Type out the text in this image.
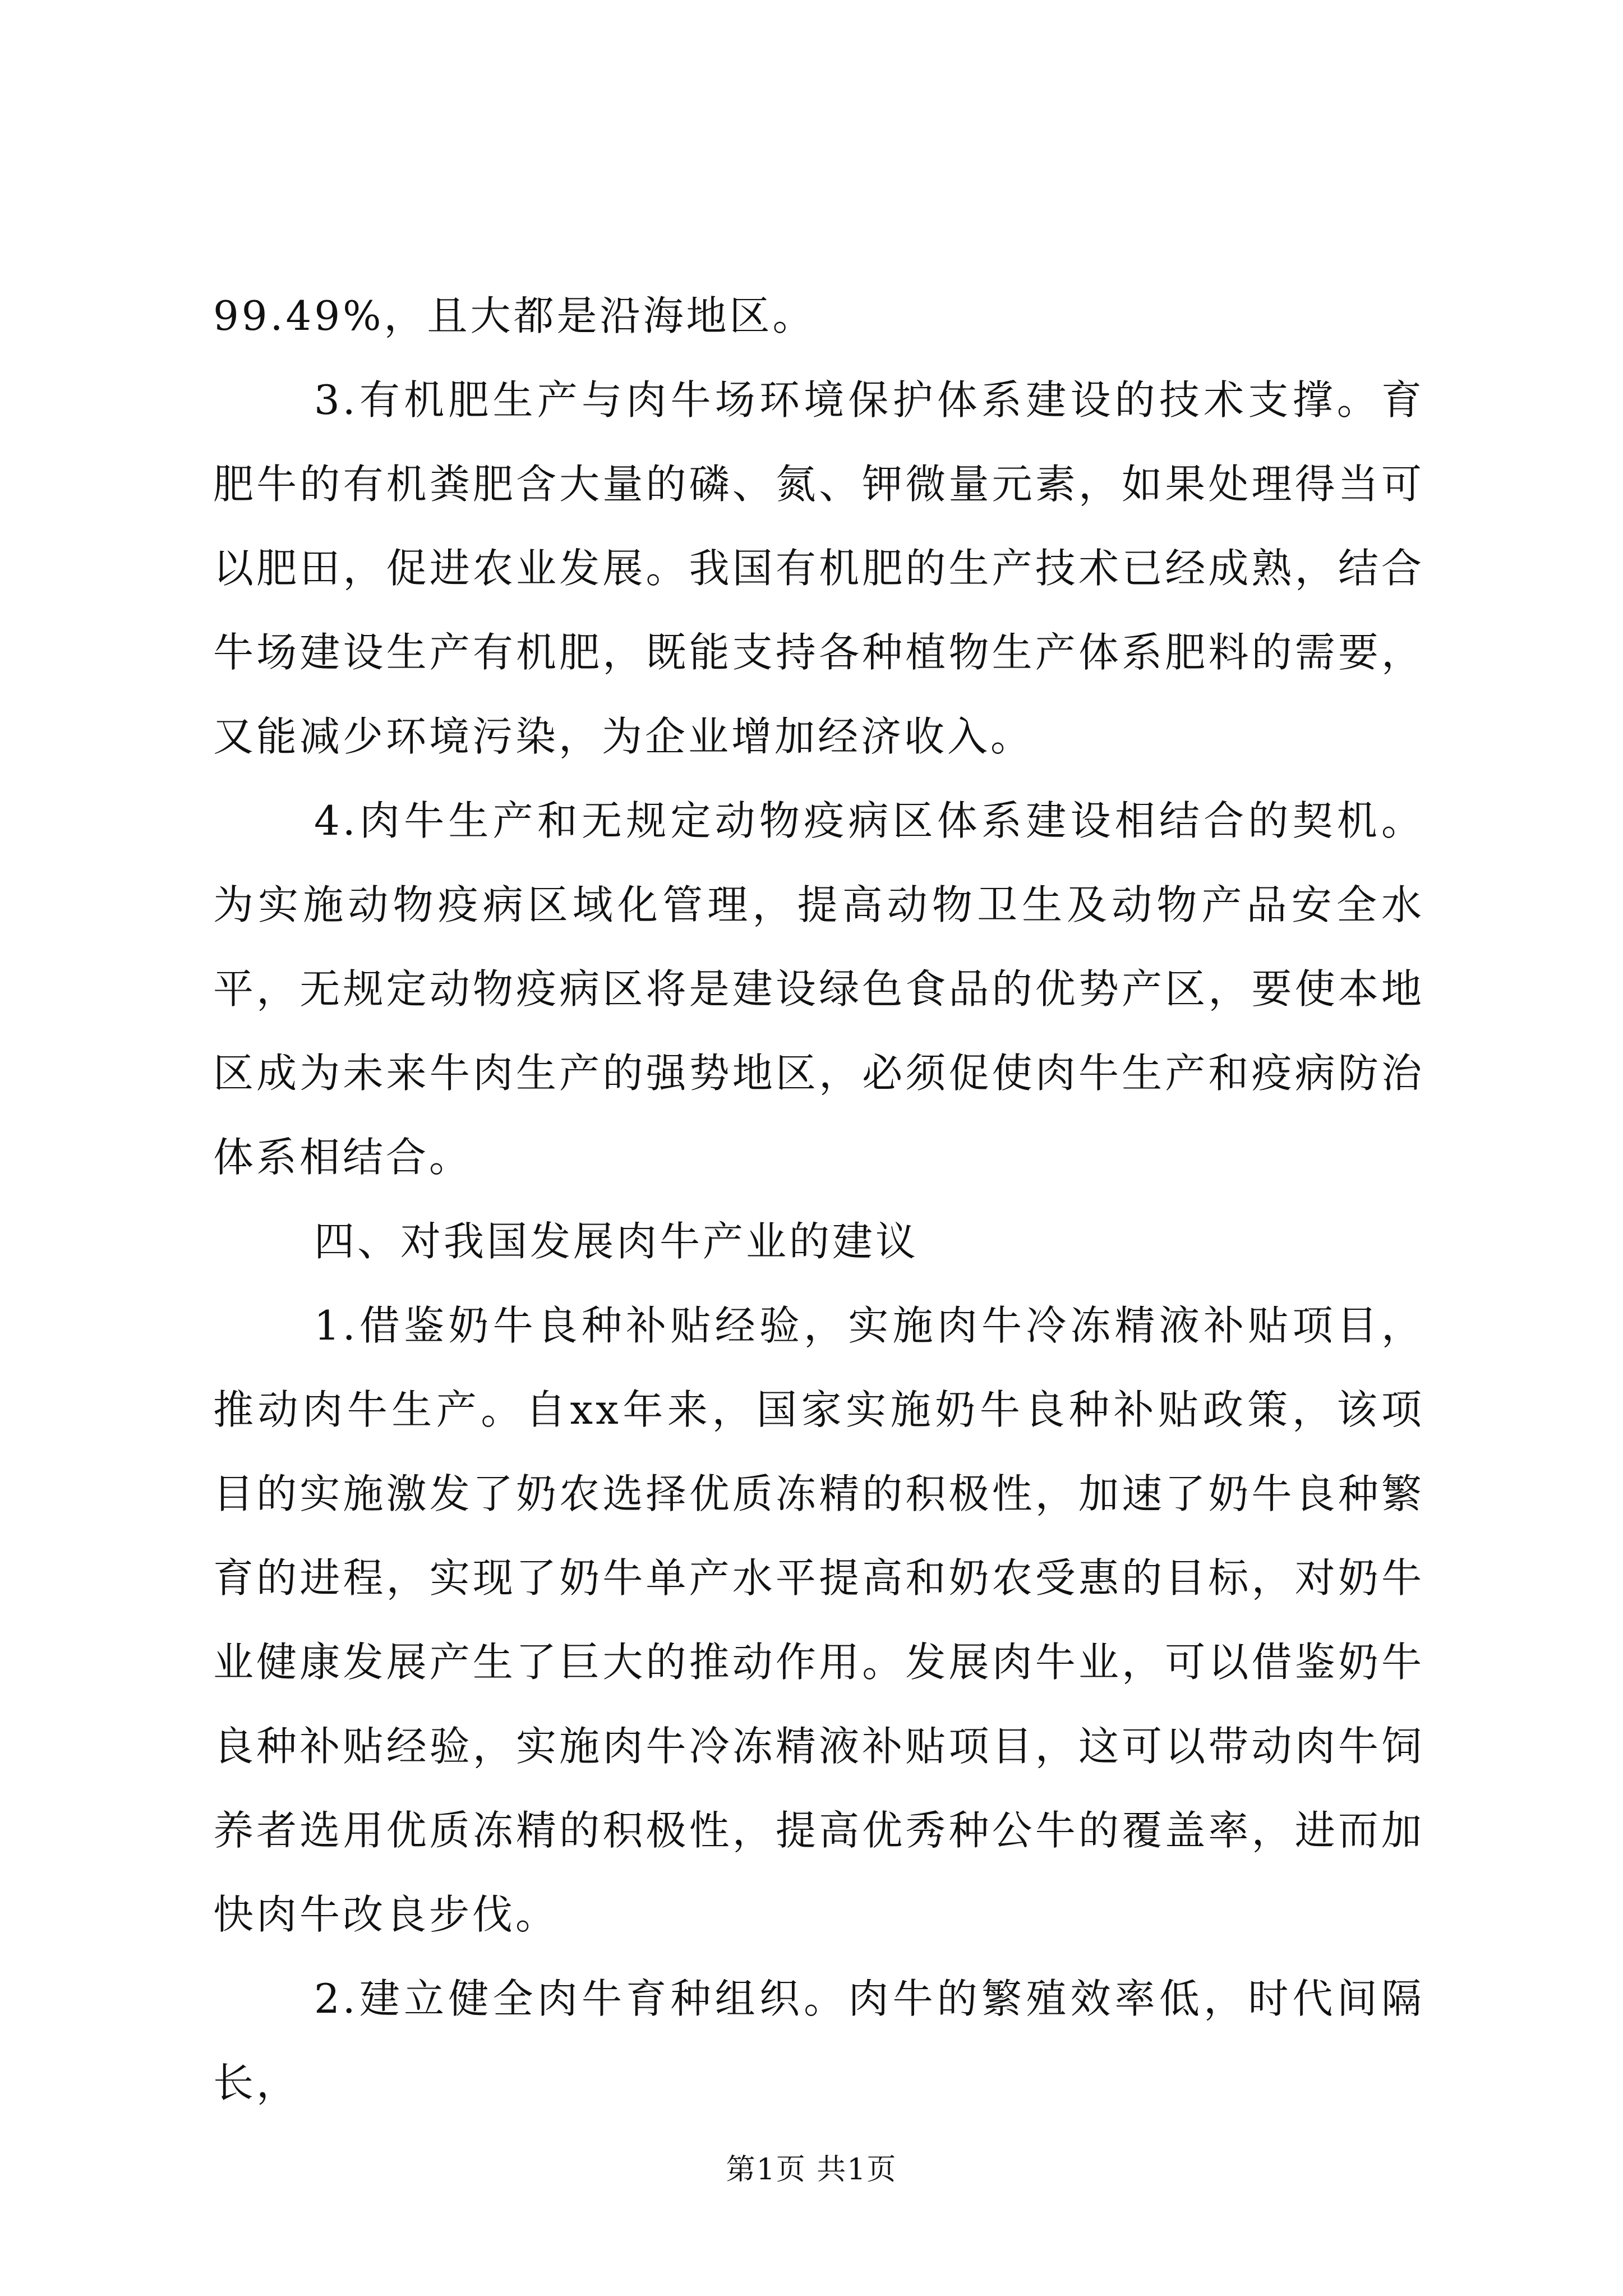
99.49%，且大都是沿海地区。

3.有机肥生产与肉牛场环境保护体系建设的技术支撑。育肥牛的有机粪肥含大量的磷、氮、钾微量元素，如果处理得当可以肥田，促进农业发展。我国有机肥的生产技术已经成熟，结合牛场建设生产有机肥，既能支持各种植物生产体系肥料的需要，又能减少环境污染，为企业增加经济收入。

4.肉牛生产和无规定动物疫病区体系建设相结合的契机。为实施动物疫病区域化管理，提高动物卫生及动物产品安全水平，无规定动物疫病区将是建设绿色食品的优势产区，要使本地区成为未来牛肉生产的强势地区，必须促使肉牛生产和疫病防治体系相结合。

四、对我国发展肉牛产业的建议

1.借鉴奶牛良种补贴经验，实施肉牛冷冻精液补贴项目，推动肉牛生产。自xx年来，国家实施奶牛良种补贴政策，该项目的实施激发了奶农选择优质冻精的积极性，加速了奶牛良种繁育的进程，实现了奶牛单产水平提高和奶农受惠的目标，对奶牛业健康发展产生了巨大的推动作用。发展肉牛业，可以借鉴奶牛良种补贴经验，实施肉牛冷冻精液补贴项目，这可以带动肉牛饲养者选用优质冻精的积极性，提高优秀种公牛的覆盖率，进而加快肉牛改良步伐。

2.建立健全肉牛育种组织。肉牛的繁殖效率低，时代间隔长，

第1页 共1页
